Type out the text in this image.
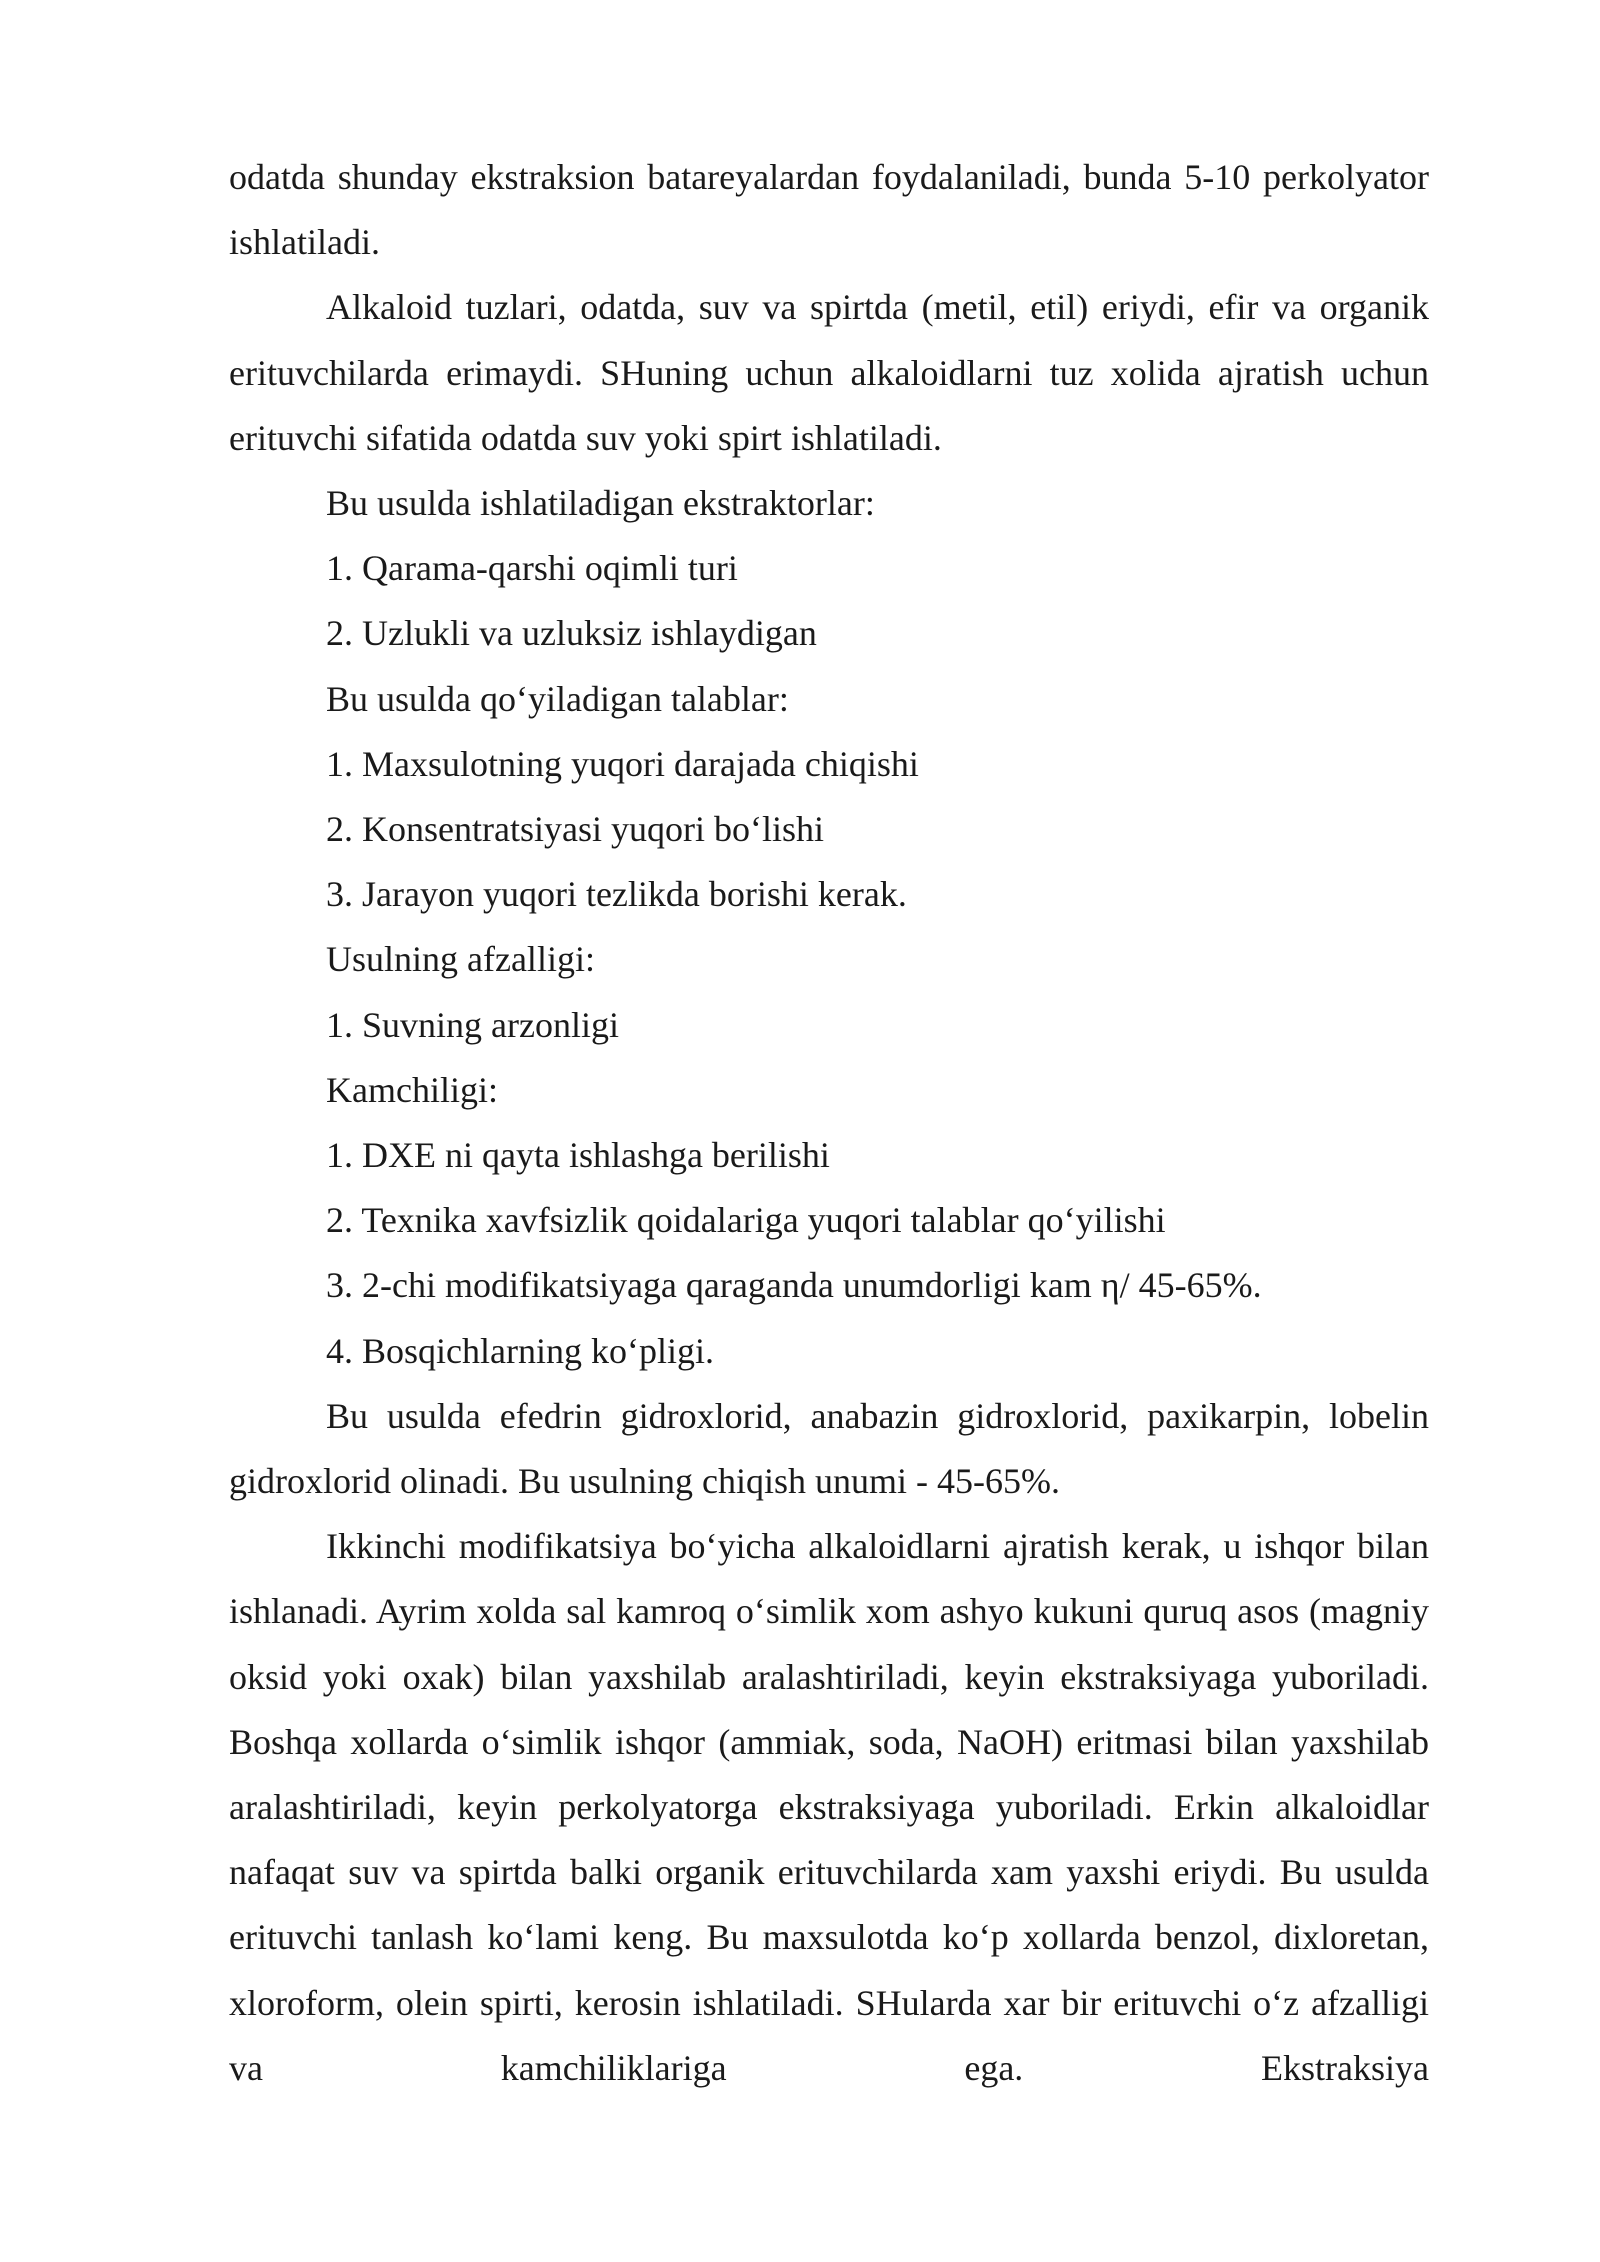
odatda shunday ekstraksion batareyalardan foydalaniladi, bunda 5-10 perkolyator ishlatiladi.

Alkaloid tuzlari, odatda, suv va spirtda (metil, etil) eriydi, efir va organik erituvchilarda erimaydi. SHuning uchun alkaloidlarni tuz xolida ajratish uchun erituvchi sifatida odatda suv yoki spirt ishlatiladi.

Bu usulda ishlatiladigan ekstraktorlar:

1. Qarama-qarshi oqimli turi

2. Uzlukli va uzluksiz ishlaydigan

Bu usulda qo‘yiladigan talablar:

1. Maxsulotning yuqori darajada chiqishi

2. Konsentratsiyasi yuqori bo‘lishi

3. Jarayon yuqori tezlikda borishi kerak.

Usulning afzalligi:

1. Suvning arzonligi

Kamchiligi:

1. DXE ni qayta ishlashga berilishi

2. Texnika xavfsizlik qoidalariga yuqori talablar qo‘yilishi

3. 2-chi modifikatsiyaga qaraganda unumdorligi kam η/ 45-65%.

4. Bosqichlarning ko‘pligi.

Bu usulda efedrin gidroxlorid, anabazin gidroxlorid, paxikarpin, lobelin gidroxlorid olinadi. Bu usulning chiqish unumi - 45-65%.

Ikkinchi modifikatsiya bo‘yicha alkaloidlarni ajratish kerak, u ishqor bilan ishlanadi. Ayrim xolda sal kamroq o‘simlik xom ashyo kukuni quruq asos (magniy oksid yoki oxak) bilan yaxshilab aralashtiriladi, keyin ekstraksiyaga yuboriladi. Boshqa xollarda o‘simlik ishqor (ammiak, soda, NaOH) eritmasi bilan yaxshilab aralashtiriladi, keyin perkolyatorga ekstraksiyaga yuboriladi. Erkin alkaloidlar nafaqat suv va spirtda balki organik erituvchilarda xam yaxshi eriydi. Bu usulda erituvchi tanlash ko‘lami keng. Bu maxsulotda ko‘p xollarda benzol, dixloretan, xloroform, olein spirti, kerosin ishlatiladi. SHularda xar bir erituvchi o‘z afzalligi va kamchiliklariga ega. Ekstraksiya
